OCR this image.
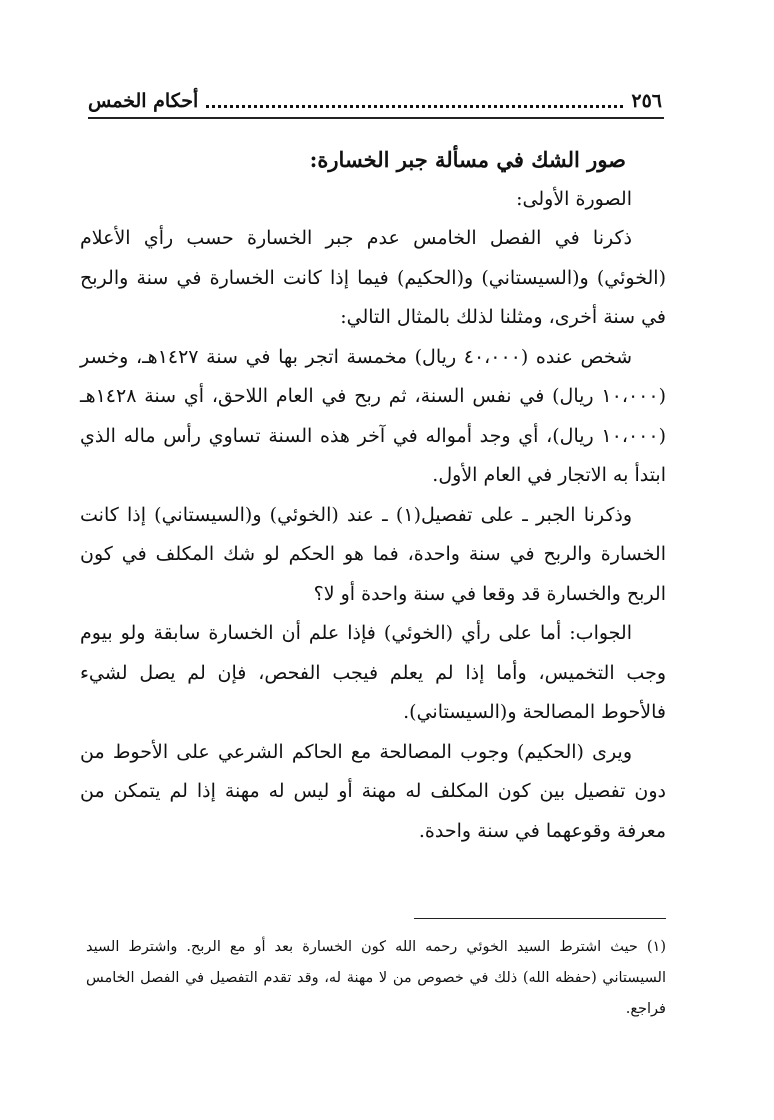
أحكام الخمس	٢٥٦

صور الشك في مسألة جبر الخسارة:

الصورة الأولى:

ذكرنا في الفصل الخامس عدم جبر الخسارة حسب رأي الأعلام (الخوئي) و(السيستاني) و(الحكيم) فيما إذا كانت الخسارة في سنة والربح في سنة أخرى، ومثلنا لذلك بالمثال التالي:

شخص عنده (٤٠،٠٠٠ ريال) مخمسة اتجر بها في سنة ١٤٢٧هـ، وخسر (١٠،٠٠٠ ريال) في نفس السنة، ثم ربح في العام اللاحق، أي سنة ١٤٢٨هـ (١٠،٠٠٠ ريال)، أي وجد أمواله في آخر هذه السنة تساوي رأس ماله الذي ابتدأ به الاتجار في العام الأول.

وذكرنا الجبر ـ على تفصيل(١) ـ عند (الخوئي) و(السيستاني) إذا كانت الخسارة والربح في سنة واحدة، فما هو الحكم لو شك المكلف في كون الربح والخسارة قد وقعا في سنة واحدة أو لا؟

الجواب: أما على رأي (الخوئي) فإذا علم أن الخسارة سابقة ولو بيوم وجب التخميس، وأما إذا لم يعلم فيجب الفحص، فإن لم يصل لشيء فالأحوط المصالحة و(السيستاني).

ويرى (الحكيم) وجوب المصالحة مع الحاكم الشرعي على الأحوط من دون تفصيل بين كون المكلف له مهنة أو ليس له مهنة إذا لم يتمكن من معرفة وقوعهما في سنة واحدة.

(١) حيث اشترط السيد الخوئي رحمه الله كون الخسارة بعد أو مع الربح. واشترط السيد السيستاني (حفظه الله) ذلك في خصوص من لا مهنة له، وقد تقدم التفصيل في الفصل الخامس فراجع.
